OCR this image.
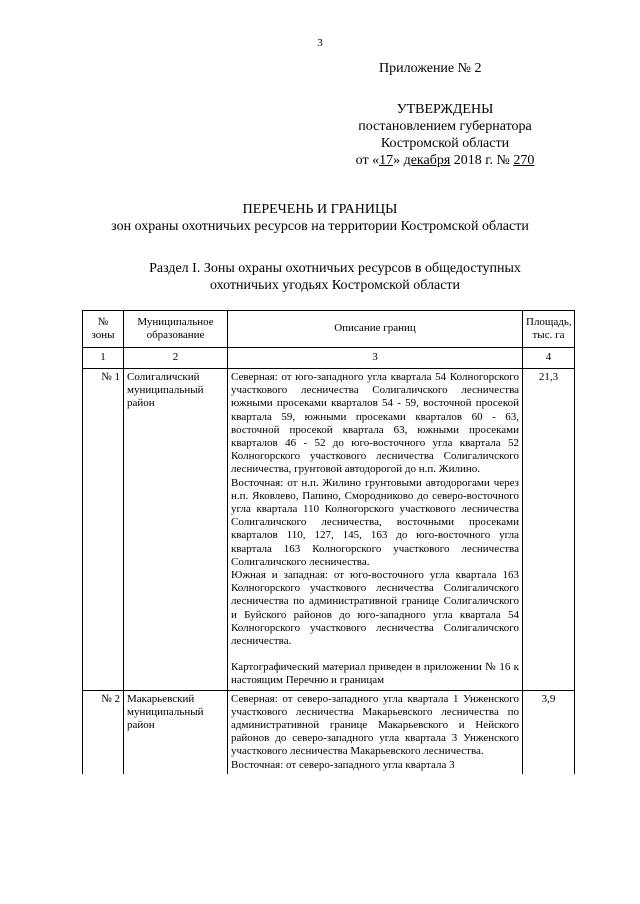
3
Приложение № 2
УТВЕРЖДЕНЫ
постановлением губернатора
Костромской области
от «17» декабря 2018 г. № 270
ПЕРЕЧЕНЬ И ГРАНИЦЫ
зон охраны охотничьих ресурсов на территории Костромской области
Раздел I. Зоны охраны охотничьих ресурсов в общедоступных
охотничьих угодьях Костромской области
№ зоны	Муниципальное образование	Описание границ	Площадь, тыс. га
1	2	3	4
№ 1	Солигаличский муниципальный район	Северная: от юго-западного угла квартала 54 Колногорского участкового лесничества Солигаличского лесничества южными просеками кварталов 54 - 59, восточной просекой квартала 59, южными просеками кварталов 60 - 63, восточной просекой квартала 63, южными просеками кварталов 46 - 52 до юго-восточного угла квартала 52 Колногорского участкового лесничества Солигаличского лесничества, грунтовой автодорогой до н.п. Жилино.

Восточная: от н.п. Жилино грунтовыми автодорогами через н.п. Яковлево, Папино, Смородниково до северо-восточного угла квартала 110 Колногорского участкового лесничества Солигаличского лесничества, восточными просеками кварталов 110, 127, 145, 163 до юго-восточного угла квартала 163 Колногорского участкового лесничества Солигаличского лесничества.

Южная и западная: от юго-восточного угла квартала 163 Колногорского участкового лесничества Солигаличского лесничества по административной границе Солигаличского и Буйского районов до юго-западного угла квартала 54 Колногорского участкового лесничества Солигаличского лесничества.

Картографический материал приведен в приложении № 16 к настоящим Перечню и границам	21,3
№ 2	Макарьевский муниципальный район	Северная: от северо-западного угла квартала 1 Унженского участкового лесничества Макарьевского лесничества по административной границе Макарьевского и Нейского районов до северо-западного угла квартала 3 Унженского участкового лесничества Макарьевского лесничества.

Восточная: от северо-западного угла квартала 3	3,9
